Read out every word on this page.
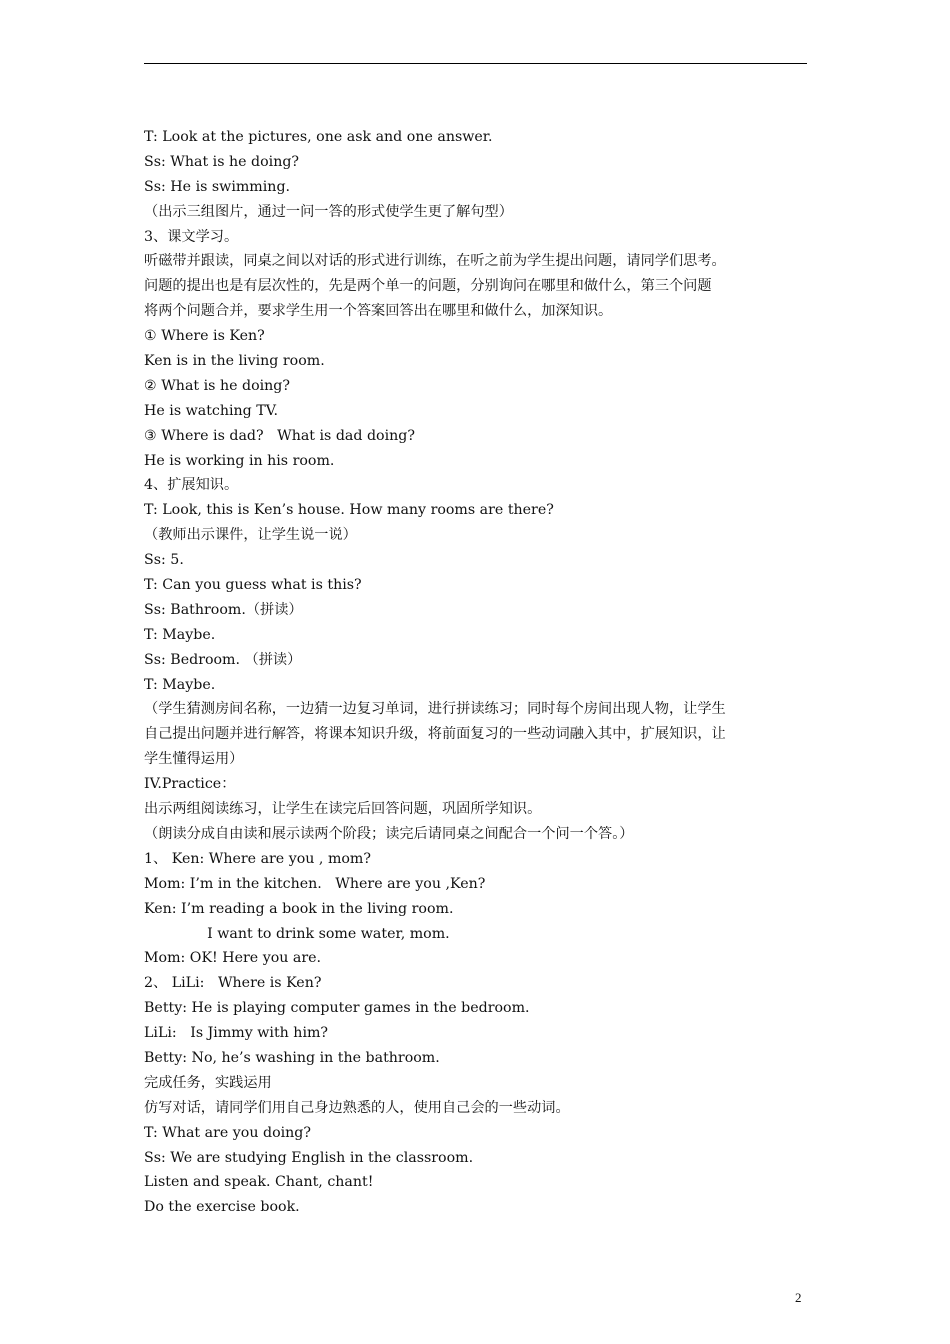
T: Look at the pictures, one ask and one answer.
Ss: What is he doing?
Ss: He is swimming.
（出示三组图片，通过一问一答的形式使学生更了解句型）
3、课文学习。
听磁带并跟读，同桌之间以对话的形式进行训练，在听之前为学生提出问题，请同学们思考。
问题的提出也是有层次性的，先是两个单一的问题，分别询问在哪里和做什么，第三个问题
将两个问题合并，要求学生用一个答案回答出在哪里和做什么，加深知识。
① Where is Ken?
Ken is in the living room.
② What is he doing?
He is watching TV.
③ Where is dad?   What is dad doing?
He is working in his room.
4、扩展知识。
T: Look, this is Ken’s house. How many rooms are there?
（教师出示课件，让学生说一说）
Ss: 5.
T: Can you guess what is this?
Ss: Bathroom.（拼读）
T: Maybe.
Ss: Bedroom. （拼读）
T: Maybe.
（学生猜测房间名称，一边猜一边复习单词，进行拼读练习；同时每个房间出现人物，让学生
自己提出问题并进行解答，将课本知识升级，将前面复习的一些动词融入其中，扩展知识，让
学生懂得运用）
IV.Practice：
出示两组阅读练习，让学生在读完后回答问题，巩固所学知识。
（朗读分成自由读和展示读两个阶段；读完后请同桌之间配合一个问一个答。）
1、 Ken: Where are you , mom?
Mom: I’m in the kitchen.   Where are you ,Ken?
Ken: I’m reading a book in the living room.
I want to drink some water, mom.
Mom: OK! Here you are.
2、 LiLi:   Where is Ken?
Betty: He is playing computer games in the bedroom.
LiLi:   Is Jimmy with him?
Betty: No, he’s washing in the bathroom.
完成任务，实践运用
仿写对话，请同学们用自己身边熟悉的人，使用自己会的一些动词。
T: What are you doing?
Ss: We are studying English in the classroom.
Listen and speak. Chant, chant!
Do the exercise book.
2
